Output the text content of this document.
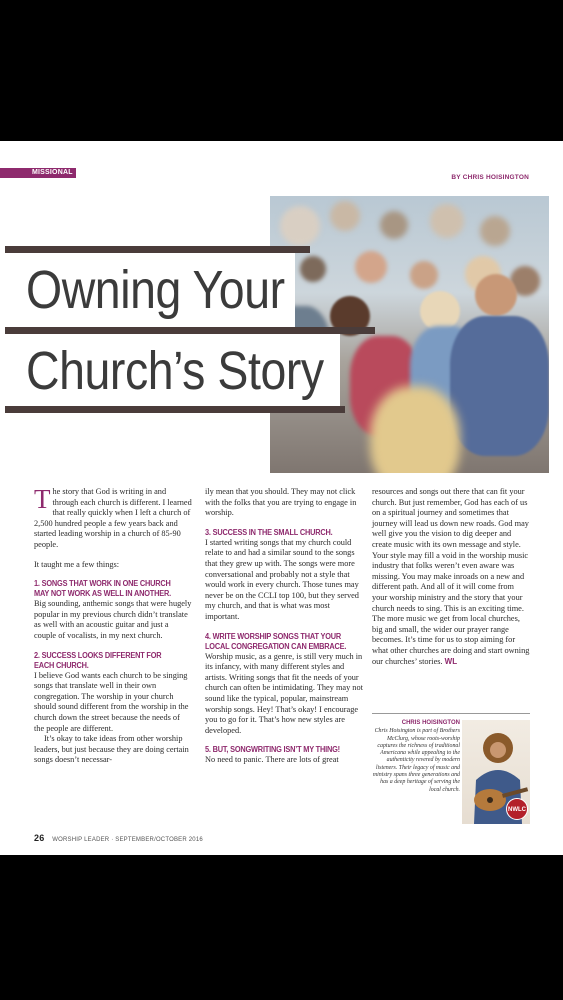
MISSIONAL
BY CHRIS HOISINGTON
Owning Your
Church’s Story

The story that God is writing in and through each church is different. I learned that really quickly when I left a church of 2,500 hundred people a few years back and started leading worship in a church of 85-90 people.

It taught me a few things:

1. SONGS THAT WORK IN ONE CHURCH MAY NOT WORK AS WELL IN ANOTHER.

Big sounding, anthemic songs that were hugely popular in my previous church didn’t translate as well with an acoustic guitar and just a couple of vocalists, in my next church.

2. SUCCESS LOOKS DIFFERENT FOR EACH CHURCH.

I believe God wants each church to be singing songs that translate well in their own congregation. The worship in your church should sound different from the worship in the church down the street because the needs of the people are different.

It’s okay to take ideas from other worship leaders, but just because they are doing certain songs doesn’t necessar-

ily mean that you should. They may not click with the folks that you are trying to engage in worship.

3. SUCCESS IN THE SMALL CHURCH.

I started writing songs that my church could relate to and had a similar sound to the songs that they grew up with. The songs were more conversational and probably not a style that would work in every church. Those tunes may never be on the CCLI top 100, but they served my church, and that is what was most important.

4. WRITE WORSHIP SONGS THAT YOUR LOCAL CONGREGATION CAN EMBRACE.

Worship music, as a genre, is still very much in its infancy, with many different styles and artists. Writing songs that fit the needs of your church can often be intimidating. They may not sound like the typical, popular, mainstream worship songs. Hey! That’s okay! I encourage you to go for it. That’s how new styles are developed.

5. BUT, SONGWRITING ISN’T MY THING!

No need to panic. There are lots of great

resources and songs out there that can fit your church. But just remember, God has each of us on a spiritual journey and sometimes that journey will lead us down new roads. God may well give you the vision to dig deeper and create music with its own message and style. Your style may fill a void in the worship music industry that folks weren’t even aware was missing. You may make inroads on a new and different path. And all of it will come from your worship ministry and the story that your church needs to sing. This is an exciting time. The more music we get from local churches, big and small, the wider our prayer range becomes. It’s time for us to stop aiming for what other churches are doing and start owning our churches’ stories. WL

CHRIS HOISINGTON
Chris Hoisington is part of Brothers McClurg, whose roots-worship captures the richness of traditional Americana while appealing to the authenticity revered by modern listeners. Their legacy of music and ministry spans three generations and has a deep heritage of serving the local church.
NWLC
26 WORSHIP LEADER · SEPTEMBER/OCTOBER 2016
